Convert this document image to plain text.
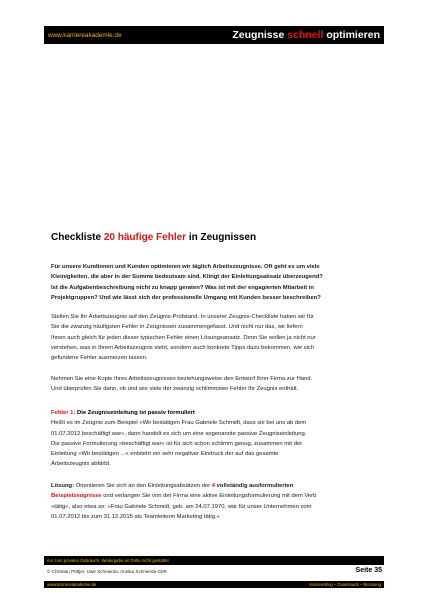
www.karriereakademie.de	Zeugnisse schnell optimieren
Checkliste 20 häufige Fehler in Zeugnissen
Für unsere Kundinnen und Kunden optimieren wir täglich Arbeitszeugnisse. Oft geht es um viele
Kleinigkeiten, die aber in der Summe bedeutsam sind. Klingt der Einleitungsabsatz überzeugend?
Ist die Aufgabenbeschreibung nicht zu knapp geraten? Was ist mit der engagierten Mitarbeit in
Projektgruppen? Und wie lässt sich der professionelle Umgang mit Kunden besser beschreiben?
Stellen Sie Ihr Arbeitszeugnis auf den Zeugnis-Prüfstand. In unserer Zeugnis-Checkliste haben wir für
Sie die zwanzig häufigsten Fehler in Zeugnissen zusammengefasst. Und nicht nur das, wir liefern
Ihnen auch gleich für jeden dieser typischen Fehler einen Lösungsansatz. Denn Sie wollen ja nicht nur
verstehen, was in Ihrem Arbeitszeugnis steht, sondern auch konkrete Tipps dazu bekommen, wie sich
gefundene Fehler ausmerzen lassen.
Nehmen Sie eine Kopie Ihres Arbeitszeugnisses beziehungsweise den Entwurf Ihrer Firma zur Hand.
Und überprüfen Sie dann, ob und wie viele der zwanzig schlimmsten Fehler Ihr Zeugnis enthält.
Fehler 1: Die Zeugniseinleitung ist passiv formuliert
Heißt es im Zeugnis zum Beispiel »Wir bestätigen Frau Gabriele Schmidt, dass sie bei uns ab dem
01.07.2012 beschäftigt war«, dann handelt es sich um eine sogenannte passive Zeugniseinleitung.
Die passive Formulierung »beschäftigt war« ist für sich schon schlimm genug, zusammen mit der
Einleitung »Wir bestätigen ...« entsteht ein sehr negativer Eindruck der auf das gesamte
Arbeitszeugnis abfärbt.
Lösung: Orientieren Sie sich an den Einleitungsabsätzen der 4 vollständig ausformulierten
Beispielzeugnisse und verlangen Sie von der Firma eine aktive Einleitungsformulierung mit dem Verb
»tätig«, also etwa so: »Frau Gabriele Schmidt, geb. am 24.07.1970, war für unser Unternehmen vom
01.07.2012 bis zum 31.12.2015 als Teamleiterin Marketing tätig.«
nur zum privaten Gebrauch, Weitergabe an Dritte nicht gestattet
© Christian Püttjer, Uwe Schnierda, Annika Schnierda GbR	Seite 35
www.karriereakademie.de	Karriereblog – Downloads – Beratung
